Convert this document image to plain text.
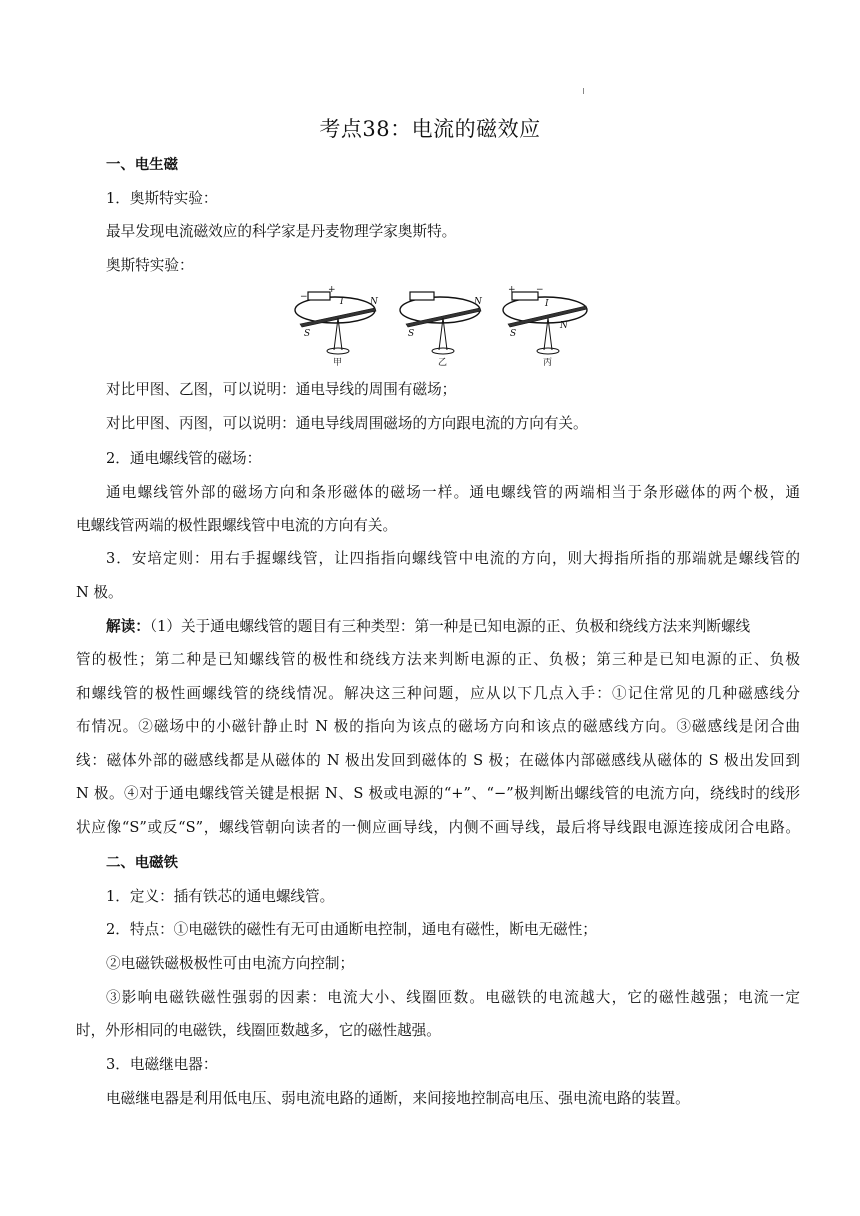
考点38：电流的磁效应
一、电生磁
1．奥斯特实验：
最早发现电流磁效应的科学家是丹麦物理学家奥斯特。
奥斯特实验：
−
+
I
S
N
甲
S
N
乙
+ −
I
S
N
丙
对比甲图、乙图，可以说明：通电导线的周围有磁场；
对比甲图、丙图，可以说明：通电导线周围磁场的方向跟电流的方向有关。
2．通电螺线管的磁场：
通电螺线管外部的磁场方向和条形磁体的磁场一样。通电螺线管的两端相当于条形磁体的两个极，通
电螺线管两端的极性跟螺线管中电流的方向有关。
3．安培定则：用右手握螺线管，让四指指向螺线管中电流的方向，则大拇指所指的那端就是螺线管的
N 极。
解读：（1）关于通电螺线管的题目有三种类型：第一种是已知电源的正、负极和绕线方法来判断螺线
管的极性；第二种是已知螺线管的极性和绕线方法来判断电源的正、负极；第三种是已知电源的正、负极
和螺线管的极性画螺线管的绕线情况。解决这三种问题，应从以下几点入手：①记住常见的几种磁感线分
布情况。②磁场中的小磁针静止时 N 极的指向为该点的磁场方向和该点的磁感线方向。③磁感线是闭合曲
线：磁体外部的磁感线都是从磁体的 N 极出发回到磁体的 S 极；在磁体内部磁感线从磁体的 S 极出发回到
N 极。④对于通电螺线管关键是根据 N、S 极或电源的“+”、“−”极判断出螺线管的电流方向，绕线时的线形
状应像“S”或反“S”，螺线管朝向读者的一侧应画导线，内侧不画导线，最后将导线跟电源连接成闭合电路。
二、电磁铁
1．定义：插有铁芯的通电螺线管。
2．特点：①电磁铁的磁性有无可由通断电控制，通电有磁性，断电无磁性；
②电磁铁磁极极性可由电流方向控制；
③影响电磁铁磁性强弱的因素：电流大小、线圈匝数。电磁铁的电流越大，它的磁性越强；电流一定
时，外形相同的电磁铁，线圈匝数越多，它的磁性越强。
3．电磁继电器：
电磁继电器是利用低电压、弱电流电路的通断，来间接地控制高电压、强电流电路的装置。
